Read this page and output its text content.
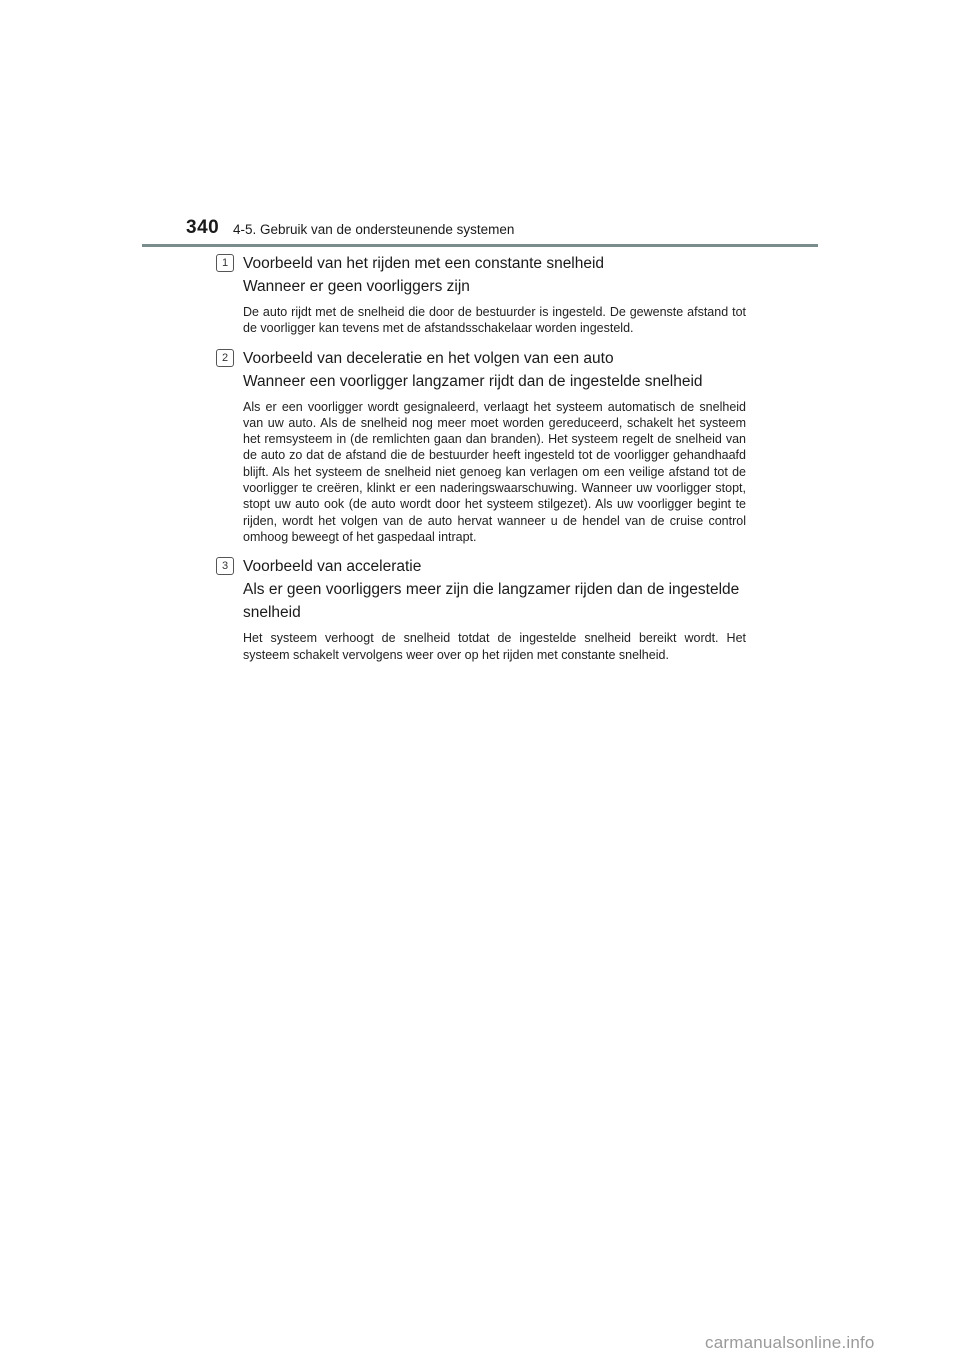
340 4-5. Gebruik van de ondersteunende systemen
1 Voorbeeld van het rijden met een constante snelheid
Wanneer er geen voorliggers zijn

De auto rijdt met de snelheid die door de bestuurder is ingesteld. De gewenste afstand tot de voorligger kan tevens met de afstandsschakelaar worden ingesteld.

2 Voorbeeld van deceleratie en het volgen van een auto
Wanneer een voorligger langzamer rijdt dan de ingestelde snelheid

Als er een voorligger wordt gesignaleerd, verlaagt het systeem automatisch de snelheid van uw auto. Als de snelheid nog meer moet worden gereduceerd, schakelt het systeem het remsysteem in (de remlichten gaan dan branden). Het systeem regelt de snelheid van de auto zo dat de afstand die de bestuurder heeft ingesteld tot de voorligger gehandhaafd blijft. Als het systeem de snelheid niet genoeg kan verlagen om een veilige afstand tot de voorligger te creëren, klinkt er een naderingswaarschuwing. Wanneer uw voorligger stopt, stopt uw auto ook (de auto wordt door het systeem stilgezet). Als uw voorligger begint te rijden, wordt het volgen van de auto hervat wanneer u de hendel van de cruise control omhoog beweegt of het gaspedaal intrapt.

3 Voorbeeld van acceleratie
Als er geen voorliggers meer zijn die langzamer rijden dan de ingestelde snelheid

Het systeem verhoogt de snelheid totdat de ingestelde snelheid bereikt wordt. Het systeem schakelt vervolgens weer over op het rijden met constante snelheid.

carmanualsonline.info
